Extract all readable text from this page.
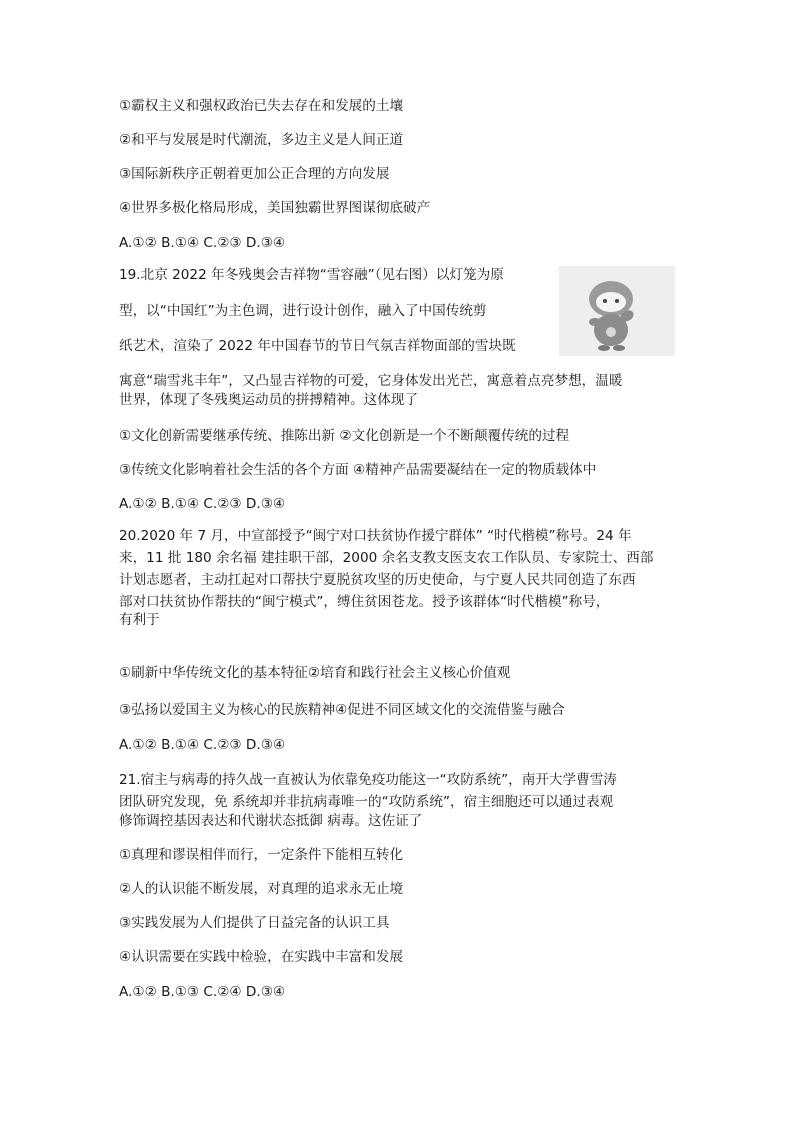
①霸权主义和强权政治已失去存在和发展的土壤
②和平与发展是时代潮流，多边主义是人间正道
③国际新秩序正朝着更加公正合理的方向发展
④世界多极化格局形成，美国独霸世界图谋彻底破产
A.①② B.①④ C.②③ D.③④
19.北京 2022 年冬残奥会吉祥物“雪容融”（见右图）以灯笼为原
型，以“中国红”为主色调，进行设计创作，融入了中国传统剪
纸艺术，渲染了 2022 年中国春节的节日气氛吉祥物面部的雪块既
寓意“瑞雪兆丰年”，又凸显吉祥物的可爱，它身体发出光芒，寓意着点亮梦想，温暖
世界，体现了冬残奥运动员的拼搏精神。这体现了
①文化创新需要继承传统、推陈出新 ②文化创新是一个不断颠覆传统的过程
③传统文化影响着社会生活的各个方面 ④精神产品需要凝结在一定的物质载体中
A.①② B.①④ C.②③ D.③④
20.2020 年 7 月，中宣部授予“闽宁对口扶贫协作援宁群体” “时代楷模”称号。24 年
来，11 批 180 余名福 建挂职干部，2000 余名支教支医支农工作队员、专家院士、西部
计划志愿者，主动扛起对口帮扶宁夏脱贫攻坚的历史使命，与宁夏人民共同创造了东西
部对口扶贫协作帮扶的“闽宁模式”，缚住贫困苍龙。授予该群体“时代楷模”称号，
有利于
①刷新中华传统文化的基本特征②培育和践行社会主义核心价值观
③弘扬以爱国主义为核心的民族精神④促进不同区域文化的交流借鉴与融合
A.①② B.①④ C.②③ D.③④
21.宿主与病毒的持久战一直被认为依靠免疫功能这一“攻防系统”，南开大学曹雪涛
团队研究发现，免 系统却并非抗病毒唯一的“攻防系统”，宿主细胞还可以通过表观
修饰调控基因表达和代谢状态抵御 病毒。这佐证了
①真理和谬误相伴而行，一定条件下能相互转化
②人的认识能不断发展，对真理的追求永无止境
③实践发展为人们提供了日益完备的认识工具
④认识需要在实践中检验，在实践中丰富和发展
A.①② B.①③ C.②④ D.③④
